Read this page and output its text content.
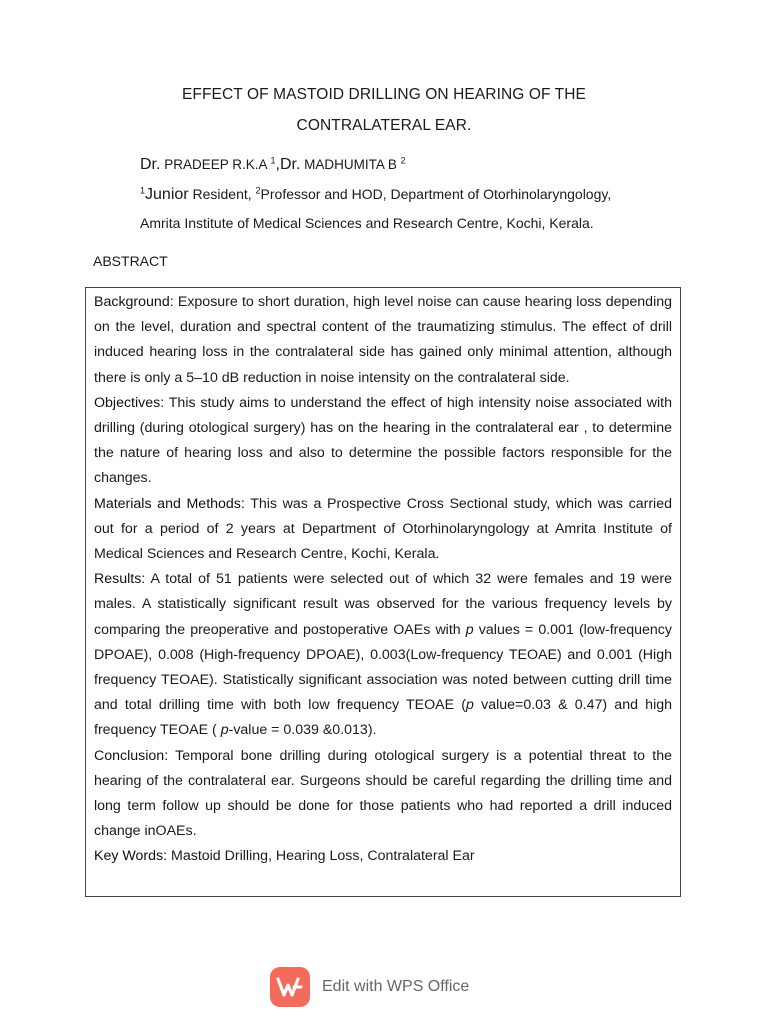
EFFECT OF MASTOID DRILLING ON HEARING OF THE
CONTRALATERAL EAR.
Dr. PRADEEP R.K.A $^1$,Dr. MADHUMITA B $^2$
$^1$Junior Resident, $^2$Professor and HOD, Department of Otorhinolaryngology,
Amrita Institute of Medical Sciences and Research Centre, Kochi, Kerala.
ABSTRACT

Background: Exposure to short duration, high level noise can cause hearing loss depending on the level, duration and spectral content of the traumatizing stimulus. The effect of drill induced hearing loss in the contralateral side has gained only minimal attention, although there is only a 5–10 dB reduction in noise intensity on the contralateral side.

Objectives: This study aims to understand the effect of high intensity noise associated with drilling (during otological surgery) has on the hearing in the contralateral ear , to determine the nature of hearing loss and also to determine the possible factors responsible for the changes.

Materials and Methods: This was a Prospective Cross Sectional study, which was carried out for a period of 2 years at Department of Otorhinolaryngology at Amrita Institute of Medical Sciences and Research Centre, Kochi, Kerala.

Results: A total of 51 patients were selected out of which 32 were females and 19 were males. A statistically significant result was observed for the various frequency levels by comparing the preoperative and postoperative OAEs with p values = 0.001 (low-frequency DPOAE), 0.008 (High-frequency DPOAE), 0.003(Low-frequency TEOAE) and 0.001 (High frequency TEOAE). Statistically significant association was noted between cutting drill time and total drilling time with both low frequency TEOAE (p value=0.03 & 0.47) and high frequency TEOAE ( p-value = 0.039 &0.013).

Conclusion: Temporal bone drilling during otological surgery is a potential threat to the hearing of the contralateral ear. Surgeons should be careful regarding the drilling time and long term follow up should be done for those patients who had reported a drill induced change inOAEs.

Key Words: Mastoid Drilling, Hearing Loss, Contralateral Ear

Edit with WPS Office
